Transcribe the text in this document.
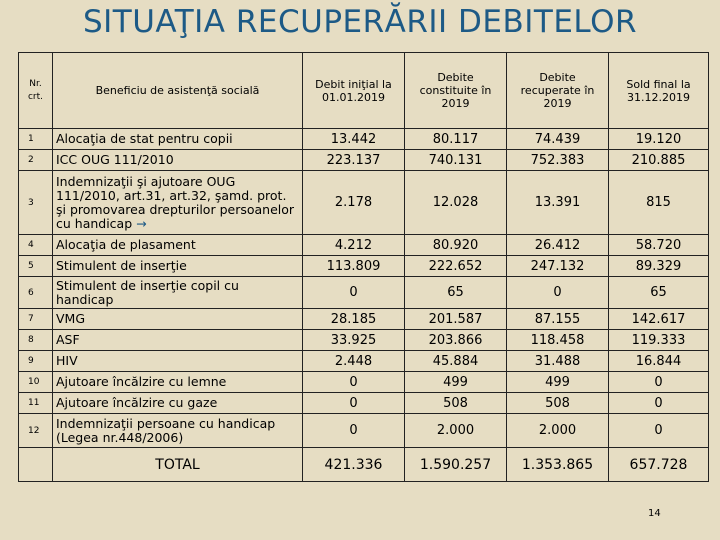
SITUAŢIA RECUPERĂRII DEBITELOR
Nr. crt.	Beneficiu de asistenţă socială	Debit iniţial la 01.01.2019	Debite constituite în 2019	Debite recuperate în 2019	Sold final la 31.12.2019
1	Alocaţia de stat pentru copii	13.442	80.117	74.439	19.120
2	ICC OUG 111/2010	223.137	740.131	752.383	210.885
3	Indemnizaţii şi ajutoare OUG 111/2010, art.31, art.32, şamd. prot. şi promovarea drepturilor persoanelor cu handicap →	2.178	12.028	13.391	815
4	Alocaţia de plasament	4.212	80.920	26.412	58.720
5	Stimulent de inserţie	113.809	222.652	247.132	89.329
6	Stimulent de inserţie copil cu handicap	0	65	0	65
7	VMG	28.185	201.587	87.155	142.617
8	ASF	33.925	203.866	118.458	119.333
9	HIV	2.448	45.884	31.488	16.844
10	Ajutoare încălzire cu lemne	0	499	499	0
11	Ajutoare încălzire cu gaze	0	508	508	0
12	Indemnizaţii persoane cu handicap (Legea nr.448/2006)	0	2.000	2.000	0
	TOTAL	421.336	1.590.257	1.353.865	657.728
14
